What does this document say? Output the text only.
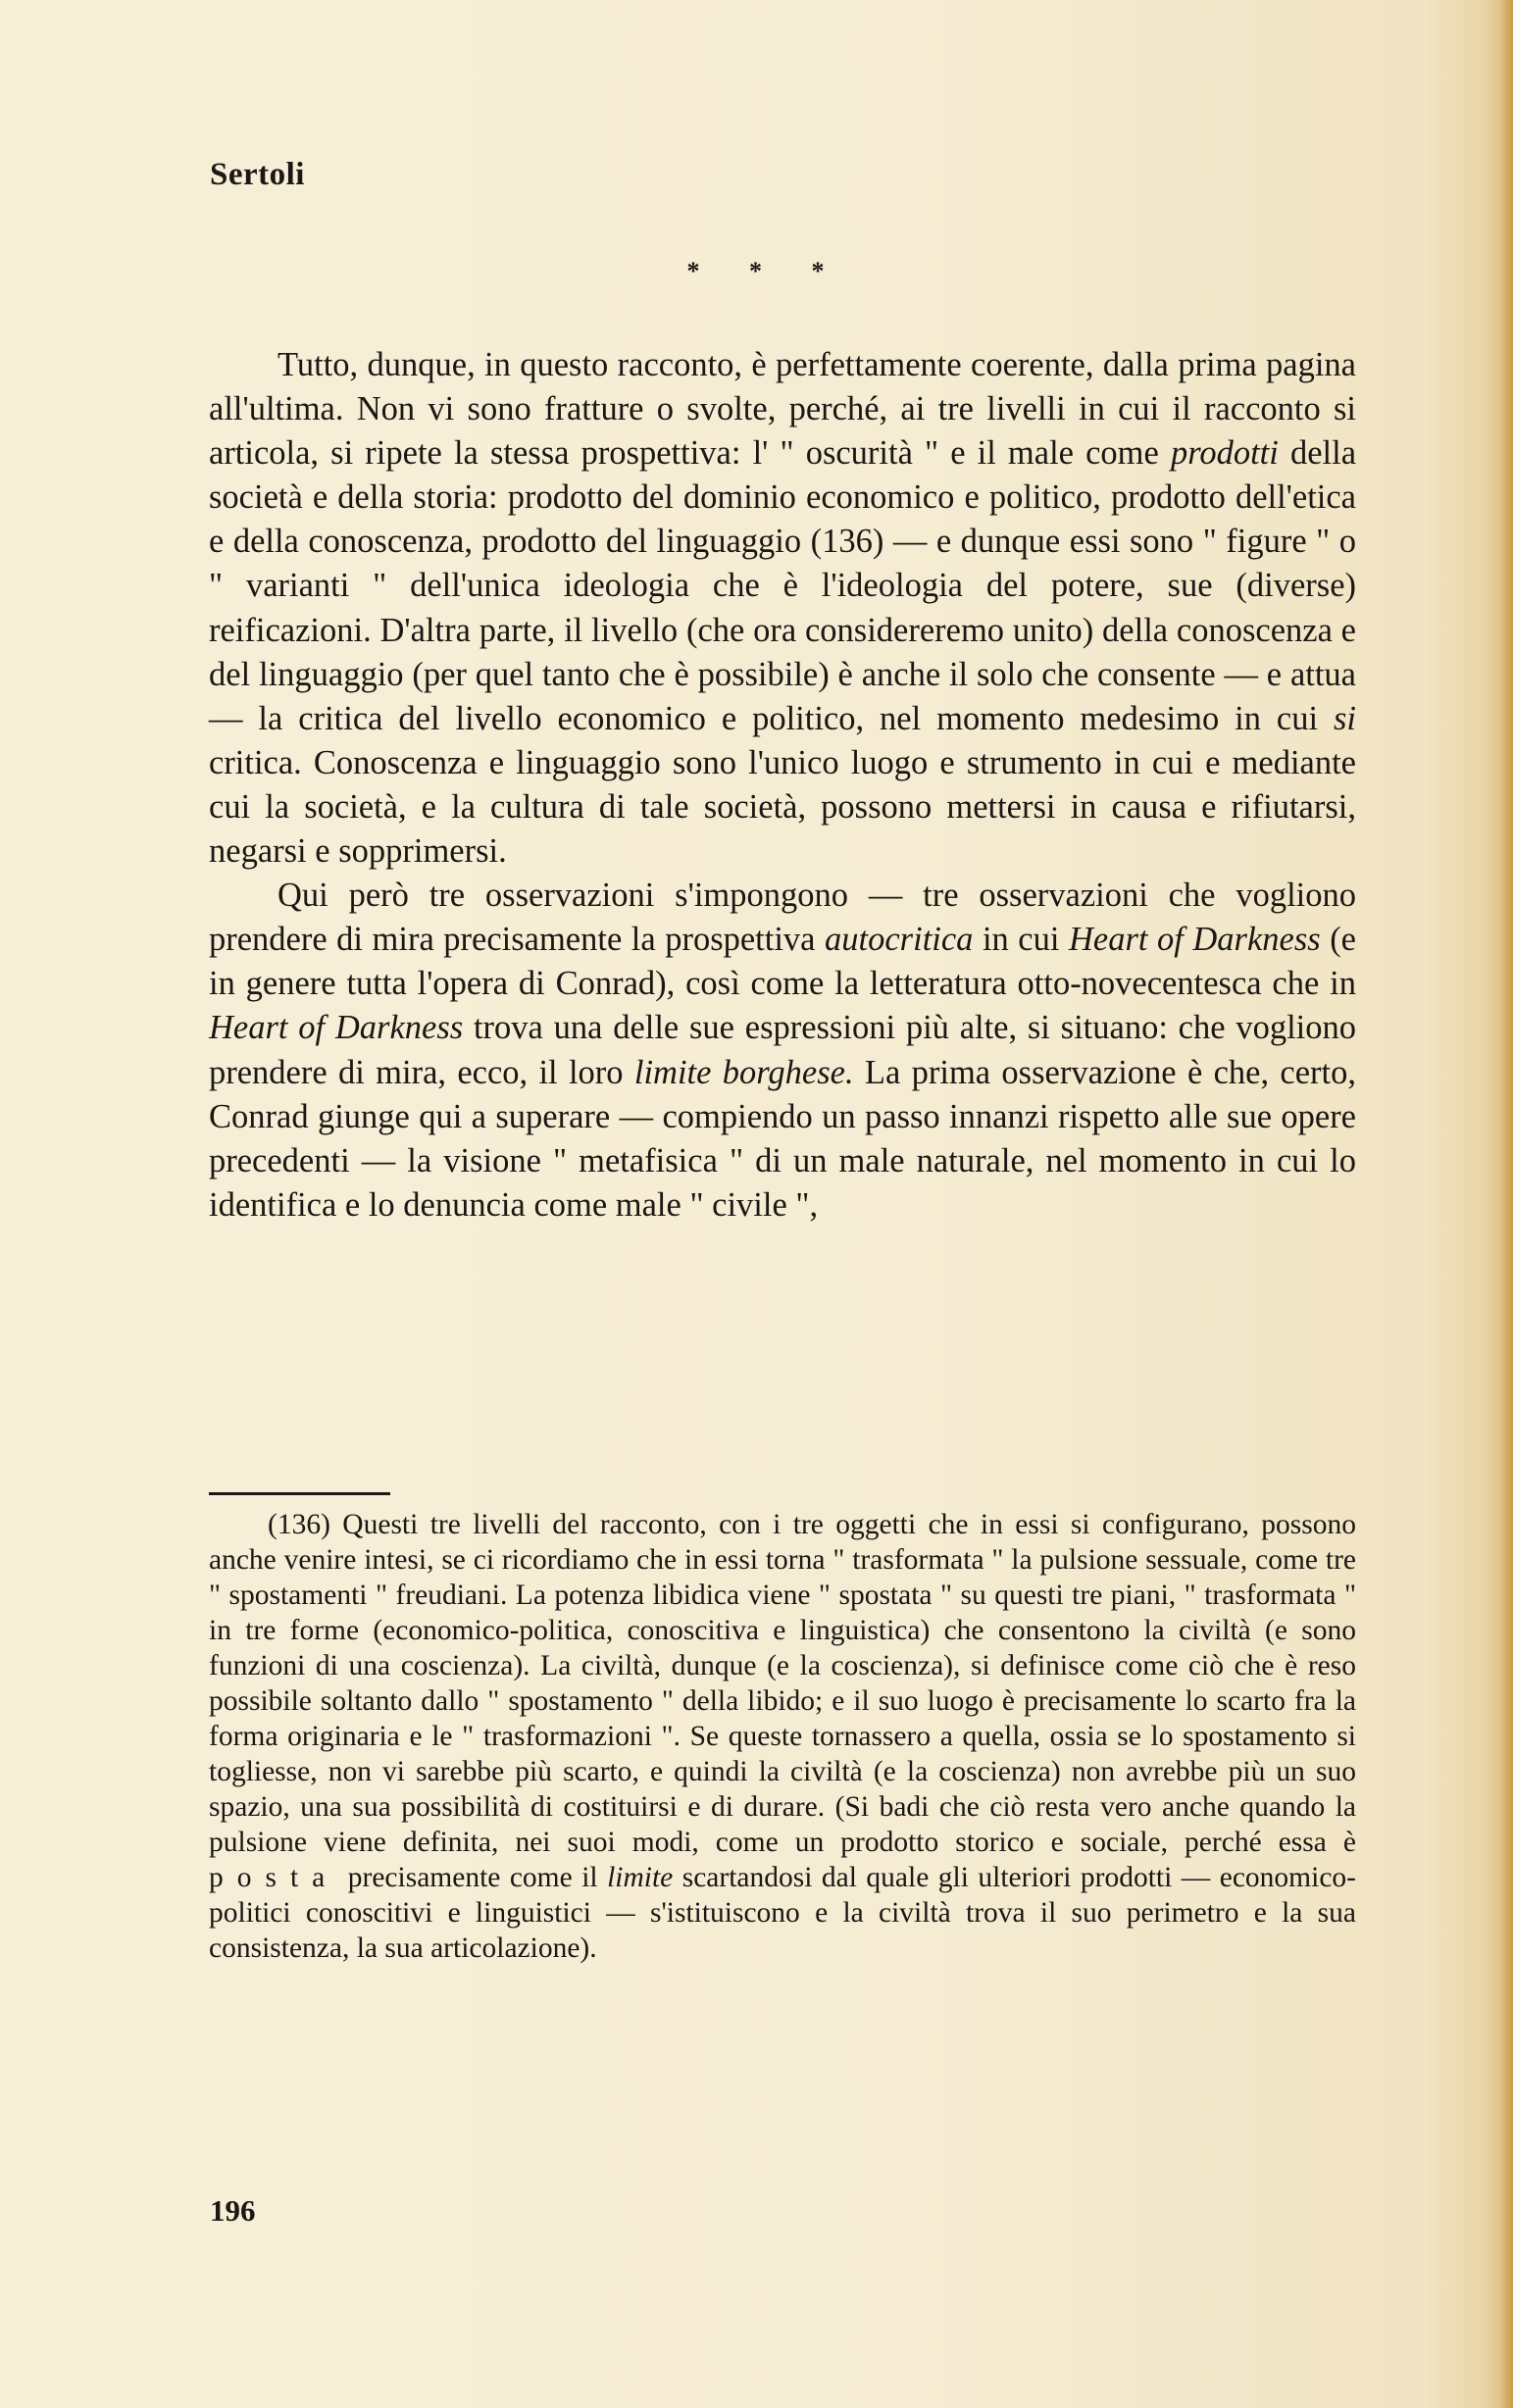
Sertoli
* * *

Tutto, dunque, in questo racconto, è perfettamente coerente, dalla prima pagina all'ultima. Non vi sono fratture o svolte, perché, ai tre livelli in cui il racconto si articola, si ripete la stessa prospettiva: l' " oscurità " e il male come prodotti della società e della storia: prodotto del dominio economico e politico, prodotto dell'etica e della conoscenza, prodotto del linguaggio (136) — e dunque essi sono " figure " o " varianti " dell'unica ideologia che è l'ideologia del potere, sue (diverse) reificazioni. D'altra parte, il livello (che ora considereremo unito) della conoscenza e del linguaggio (per quel tanto che è possibile) è anche il solo che consente — e attua — la critica del livello economico e politico, nel momento medesimo in cui si critica. Conoscenza e linguaggio sono l'unico luogo e strumento in cui e mediante cui la società, e la cultura di tale società, possono mettersi in causa e rifiutarsi, negarsi e sopprimersi.

Qui però tre osservazioni s'impongono — tre osservazioni che vogliono prendere di mira precisamente la prospettiva autocritica in cui Heart of Darkness (e in genere tutta l'opera di Conrad), così come la letteratura otto-novecentesca che in Heart of Darkness trova una delle sue espressioni più alte, si situano: che vogliono prendere di mira, ecco, il loro limite borghese. La prima osservazione è che, certo, Conrad giunge qui a superare — compiendo un passo innanzi rispetto alle sue opere precedenti — la visione " metafisica " di un male naturale, nel momento in cui lo identifica e lo denuncia come male " civile ",

(136) Questi tre livelli del racconto, con i tre oggetti che in essi si configurano, possono anche venire intesi, se ci ricordiamo che in essi torna " trasformata " la pulsione sessuale, come tre " spostamenti " freudiani. La potenza libidica viene " spostata " su questi tre piani, " trasformata " in tre forme (economico-politica, conoscitiva e linguistica) che consentono la civiltà (e sono funzioni di una coscienza). La civiltà, dunque (e la coscienza), si definisce come ciò che è reso possibile soltanto dallo " spostamento " della libido; e il suo luogo è precisamente lo scarto fra la forma originaria e le " trasformazioni ". Se queste tornassero a quella, ossia se lo spostamento si togliesse, non vi sarebbe più scarto, e quindi la civiltà (e la coscienza) non avrebbe più un suo spazio, una sua possibilità di costituirsi e di durare. (Si badi che ciò resta vero anche quando la pulsione viene definita, nei suoi modi, come un prodotto storico e sociale, perché essa è posta precisamente come il limite scartandosi dal quale gli ulteriori prodotti — economico-politici conoscitivi e linguistici — s'istituiscono e la civiltà trova il suo perimetro e la sua consistenza, la sua articolazione).

196
